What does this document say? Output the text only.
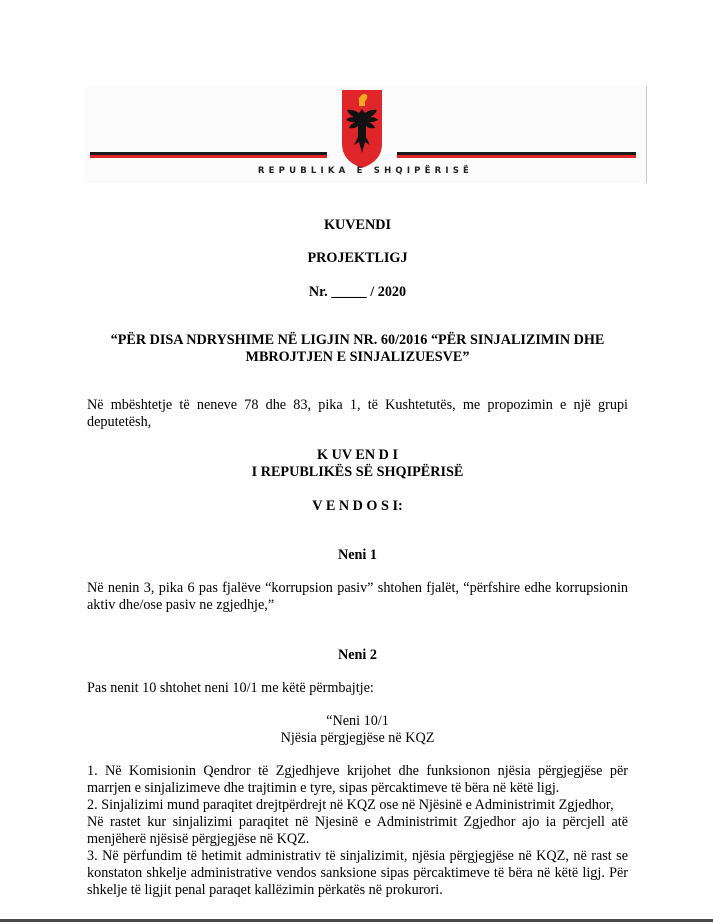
REPUBLIKA E SHQIPËRISË
KUVENDI
PROJEKTLIGJ
Nr. _____ / 2020
“PËR DISA NDRYSHIME NË LIGJIN NR. 60/2016 “PËR SINJALIZIMIN DHE
MBROJTJEN E SINJALIZUESVE”
Në mbështetje të neneve 78 dhe 83, pika 1, të Kushtetutës, me propozimin e një grupi
deputetësh,
K UV EN D I
I REPUBLIKËS SË SHQIPËRISË
V E N D O S I:
Neni 1
Në nenin 3, pika 6 pas fjalëve “korrupsion pasiv” shtohen fjalët, “përfshire edhe korrupsionin
aktiv dhe/ose pasiv ne zgjedhje,”
Neni 2
Pas nenit 10 shtohet neni 10/1 me këtë përmbajtje:
“Neni 10/1
Njësia përgjegjëse në KQZ
1. Në Komisionin Qendror të Zgjedhjeve krijohet dhe funksionon njësia përgjegjëse për
marrjen e sinjalizimeve dhe trajtimin e tyre, sipas përcaktimeve të bëra në këtë ligj.
2. Sinjalizimi mund paraqitet drejtpërdrejt në KQZ ose në Njësinë e Administrimit Zgjedhor,
Në rastet kur sinjalizimi paraqitet në Njesinë e Administrimit Zgjedhor ajo ia përcjell atë
menjëherë njësisë përgjegjëse në KQZ.
3. Në përfundim të hetimit administrativ të sinjalizimit, njësia përgjegjëse në KQZ, në rast se
konstaton shkelje administrative vendos sanksione sipas përcaktimeve të bëra në këtë ligj. Për
shkelje të ligjit penal paraqet kallëzimin përkatës në prokurori.
